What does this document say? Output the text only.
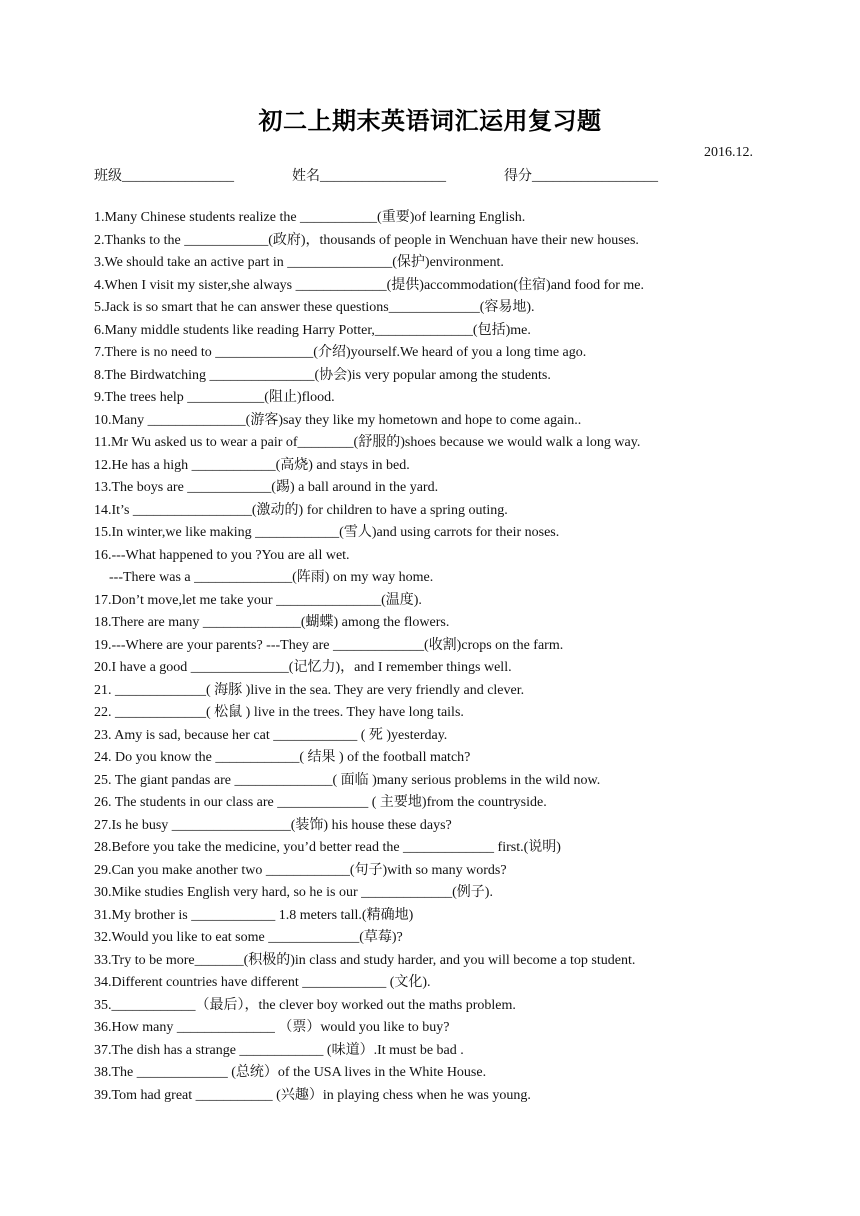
初二上期末英语词汇运用复习题
2016.12.
班级________________	姓名__________________	得分__________________
1.Many Chinese students realize the ___________(重要)of learning English.
2.Thanks to the ____________(政府)，thousands of people in Wenchuan have their new houses.
3.We should take an active part in _______________(保护)environment.
4.When I visit my sister,she always _____________(提供)accommodation(住宿)and food for me.
5.Jack is so smart that he can answer these questions_____________(容易地).
6.Many middle students like reading Harry Potter,______________(包括)me.
7.There is no need to ______________(介绍)yourself.We heard of you a long time ago.
8.The Birdwatching _______________(协会)is very popular among the students.
9.The trees help ___________(阻止)flood.
10.Many ______________(游客)say they like my hometown and hope to come again..
11.Mr Wu asked us to wear a pair of________(舒服的)shoes because we would walk a long way.
12.He has a high ____________(高烧) and stays in bed.
13.The boys are ____________(踢) a ball around in the yard.
14.It’s _________________(激动的) for children to have a spring outing.
15.In winter,we like making ____________(雪人)and using carrots for their noses.
16.---What happened to you ?You are all wet.
---There was a ______________(阵雨) on my way home.
17.Don’t move,let me take your _______________(温度).
18.There are many ______________(蝴蝶) among the flowers.
19.---Where are your parents? ---They are _____________(收割)crops on the farm.
20.I have a good ______________(记忆力)，and I remember things well.
21. _____________( 海豚 )live in the sea. They are very friendly and clever.
22. _____________( 松鼠 ) live in the trees. They have long tails.
23. Amy is sad, because her cat ____________ ( 死 )yesterday.
24. Do you know the ____________( 结果 ) of the football match?
25. The giant pandas are ______________( 面临 )many serious problems in the wild now.
26. The students in our class are _____________ ( 主要地)from the countryside.
27.Is he busy _________________(装饰) his house these days?
28.Before you take the medicine, you’d better read the _____________ first.(说明)
29.Can you make another two ____________(句子)with so many words?
30.Mike studies English very hard, so he is our _____________(例子).
31.My brother is ____________ 1.8 meters tall.(精确地)
32.Would you like to eat some _____________(草莓)?
33.Try to be more_______(积极的)in class and study harder, and you will become a top student.
34.Different countries have different ____________ (文化).
35.____________（最后），the clever boy worked out the maths problem.
36.How many ______________ （票）would you like to buy?
37.The dish has a strange ____________ (味道）.It must be bad .
38.The _____________ (总统）of the USA lives in the White House.
39.Tom had great ___________ (兴趣）in playing chess when he was young.
